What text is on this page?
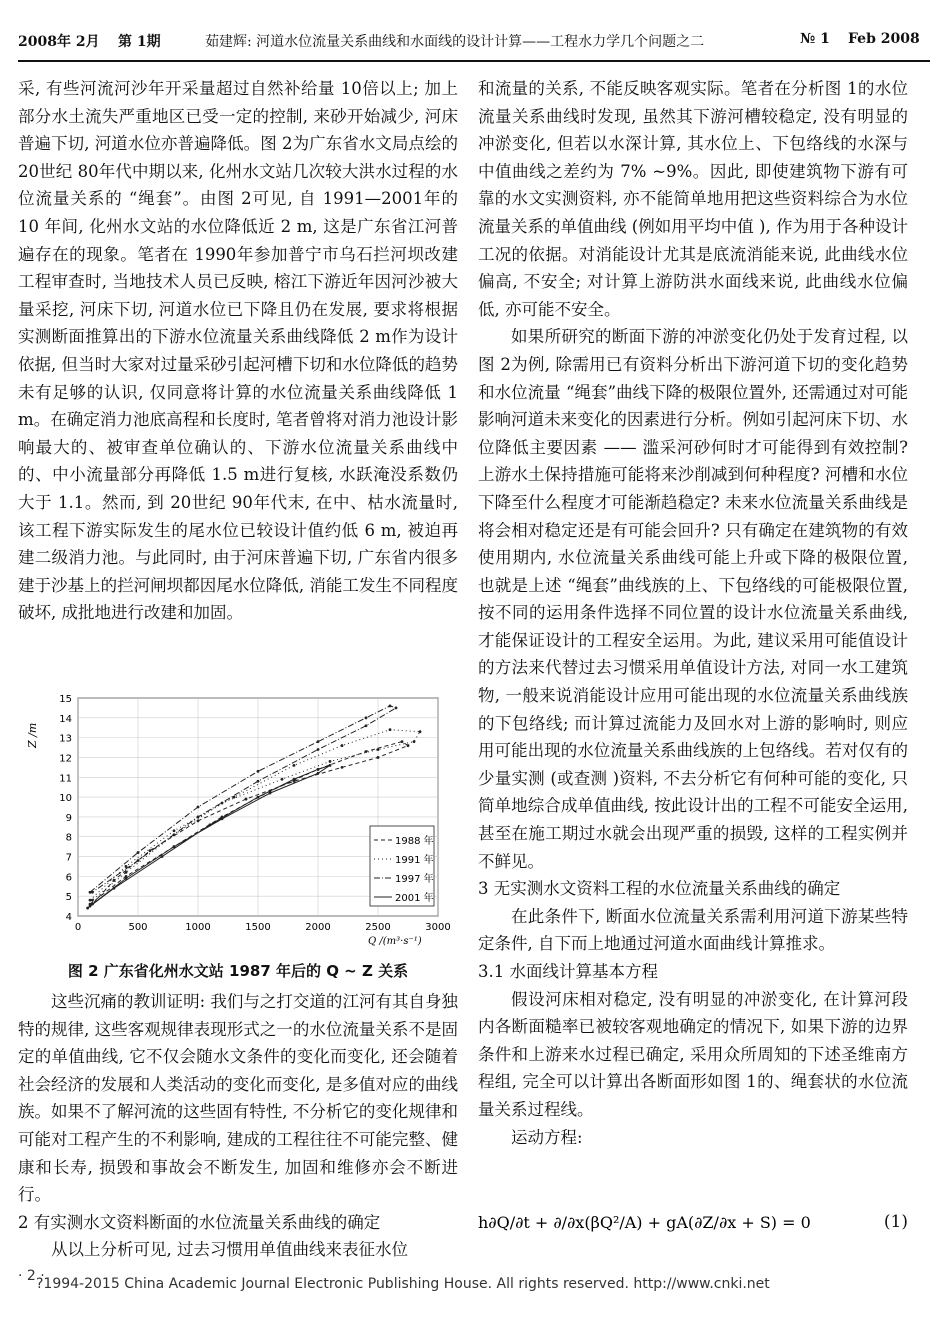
2008年 2月 第 1期	茹建辉: 河道水位流量关系曲线和水面线的设计计算——工程水力学几个问题之二	№ 1 Feb 2008

采, 有些河流河沙年开采量超过自然补给量 10倍以上; 加上部分水土流失严重地区已受一定的控制, 来砂开始减少, 河床普遍下切, 河道水位亦普遍降低。图 2为广东省水文局点绘的 20世纪 80年代中期以来, 化州水文站几次较大洪水过程的水位流量关系的 “绳套”。由图 2可见, 自 1991—2001年的 10 年间, 化州水文站的水位降低近 2 m, 这是广东省江河普遍存在的现象。笔者在 1990年参加普宁市乌石拦河坝改建工程审查时, 当地技术人员已反映, 榕江下游近年因河沙被大量采挖, 河床下切, 河道水位已下降且仍在发展, 要求将根据实测断面推算出的下游水位流量关系曲线降低 2 m作为设计依据, 但当时大家对过量采砂引起河槽下切和水位降低的趋势未有足够的认识, 仅同意将计算的水位流量关系曲线降低 1 m。在确定消力池底高程和长度时, 笔者曾将对消力池设计影响最大的、被审查单位确认的、下游水位流量关系曲线中的、中小流量部分再降低 1.5 m进行复核, 水跃淹没系数仍大于 1.1。然而, 到 20世纪 90年代末, 在中、枯水流量时, 该工程下游实际发生的尾水位已较设计值约低 6 m, 被迫再建二级消力池。与此同时, 由于河床普遍下切, 广东省内很多建于沙基上的拦河闸坝都因尾水位降低, 消能工发生不同程度破坏, 成批地进行改建和加固。

4
5
6
7
8
9
10
11
12
13
14
15
0	500	1000	1500	2000	2500	3000
Z /m
Q /(m³·s⁻¹)
1988 年
1991 年
1997 年
2001 年
图 2 广东省化州水文站 1987 年后的 Q ~ Z 关系

这些沉痛的教训证明: 我们与之打交道的江河有其自身独特的规律, 这些客观规律表现形式之一的水位流量关系不是固定的单值曲线, 它不仅会随水文条件的变化而变化, 还会随着社会经济的发展和人类活动的变化而变化, 是多值对应的曲线族。如果不了解河流的这些固有特性, 不分析它的变化规律和可能对工程产生的不利影响, 建成的工程往往不可能完整、健康和长寿, 损毁和事故会不断发生, 加固和维修亦会不断进行。

2 有实测水文资料断面的水位流量关系曲线的确定

从以上分析可见, 过去习惯用单值曲线来表征水位

和流量的关系, 不能反映客观实际。笔者在分析图 1的水位流量关系曲线时发现, 虽然其下游河槽较稳定, 没有明显的冲淤变化, 但若以水深计算, 其水位上、下包络线的水深与中值曲线之差约为 7% ~9%。因此, 即使建筑物下游有可靠的水文实测资料, 亦不能简单地用把这些资料综合为水位流量关系的单值曲线 (例如用平均中值 ), 作为用于各种设计工况的依据。对消能设计尤其是底流消能来说, 此曲线水位偏高, 不安全; 对计算上游防洪水面线来说, 此曲线水位偏低, 亦可能不安全。

如果所研究的断面下游的冲淤变化仍处于发育过程, 以图 2为例, 除需用已有资料分析出下游河道下切的变化趋势和水位流量 “绳套”曲线下降的极限位置外, 还需通过对可能影响河道未来变化的因素进行分析。例如引起河床下切、水位降低主要因素 —— 滥采河砂何时才可能得到有效控制? 上游水土保持措施可能将来沙削减到何种程度? 河槽和水位下降至什么程度才可能渐趋稳定? 未来水位流量关系曲线是将会相对稳定还是有可能会回升? 只有确定在建筑物的有效使用期内, 水位流量关系曲线可能上升或下降的极限位置, 也就是上述 “绳套”曲线族的上、下包络线的可能极限位置, 按不同的运用条件选择不同位置的设计水位流量关系曲线, 才能保证设计的工程安全运用。为此, 建议采用可能值设计的方法来代替过去习惯采用单值设计方法, 对同一水工建筑物, 一般来说消能设计应用可能出现的水位流量关系曲线族的下包络线; 而计算过流能力及回水对上游的影响时, 则应用可能出现的水位流量关系曲线族的上包络线。若对仅有的少量实测 (或查测 )资料, 不去分析它有何种可能的变化, 只简单地综合成单值曲线, 按此设计出的工程不可能安全运用, 甚至在施工期过水就会出现严重的损毁, 这样的工程实例并不鲜见。

3 无实测水文资料工程的水位流量关系曲线的确定

在此条件下, 断面水位流量关系需利用河道下游某些特定条件, 自下而上地通过河道水面曲线计算推求。

3.1 水面线计算基本方程

假设河床相对稳定, 没有明显的冲淤变化, 在计算河段内各断面糙率已被较客观地确定的情况下, 如果下游的边界条件和上游来水过程已确定, 采用众所周知的下述圣维南方程组, 完全可以计算出各断面形如图 1的、绳套状的水位流量关系过程线。

运动方程:

h∂Q/∂t + ∂/∂x(βQ²/A) + gA(∂Z/∂x + S) = 0	(1)
· 2 ·
?1994-2015 China Academic Journal Electronic Publishing House. All rights reserved. http://www.cnki.net
